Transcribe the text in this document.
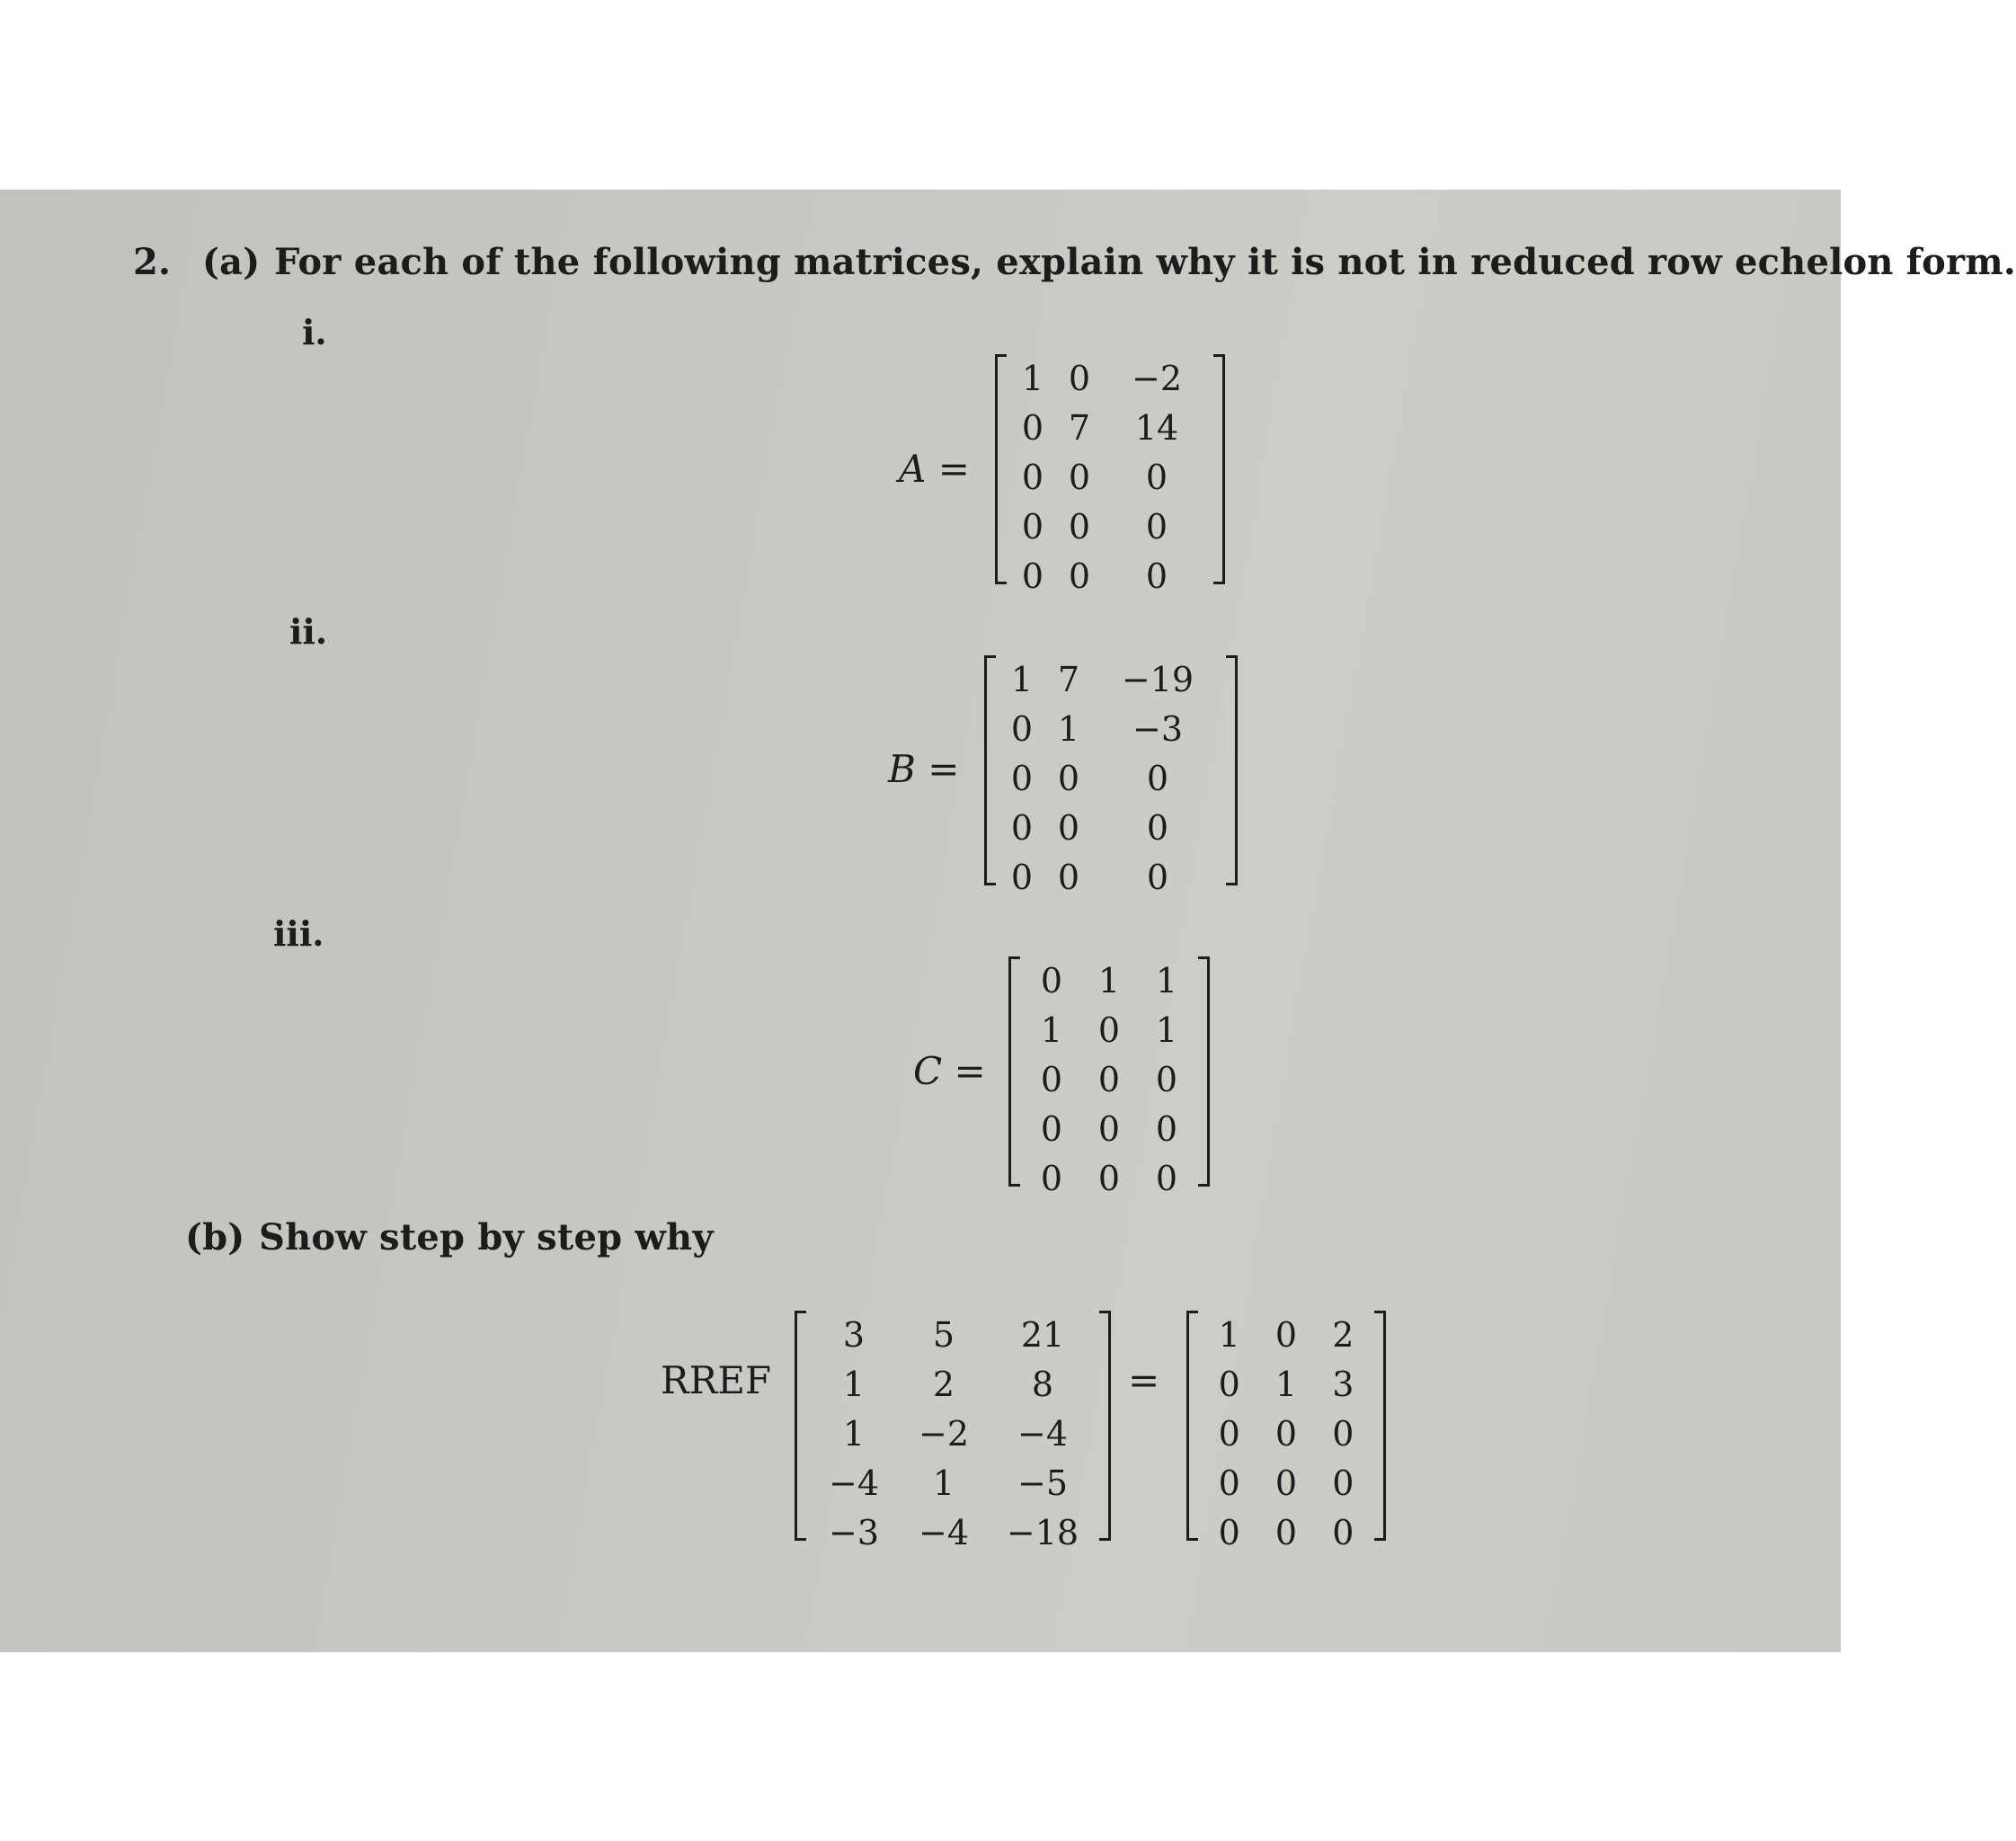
2. (a) For each of the following matrices, explain why it is not in reduced row echelon form.
i.
A =
1 0	−2
0 7	14
0 0	0
0 0	0
0 0	0
ii.
B =
1 7	−19
0 1	−3
0 0	0
0 0	0
0 0	0
iii.
C =
0	1	1
1	0	1
0	0	0
0	0	0
0	0	0
(b) Show step by step why
RREF
3	5	21
1	2	8
1	−2	−4
−4	1	−5
−3	−4	−18
=
1	0	2
0	1	3
0	0	0
0	0	0
0	0	0
